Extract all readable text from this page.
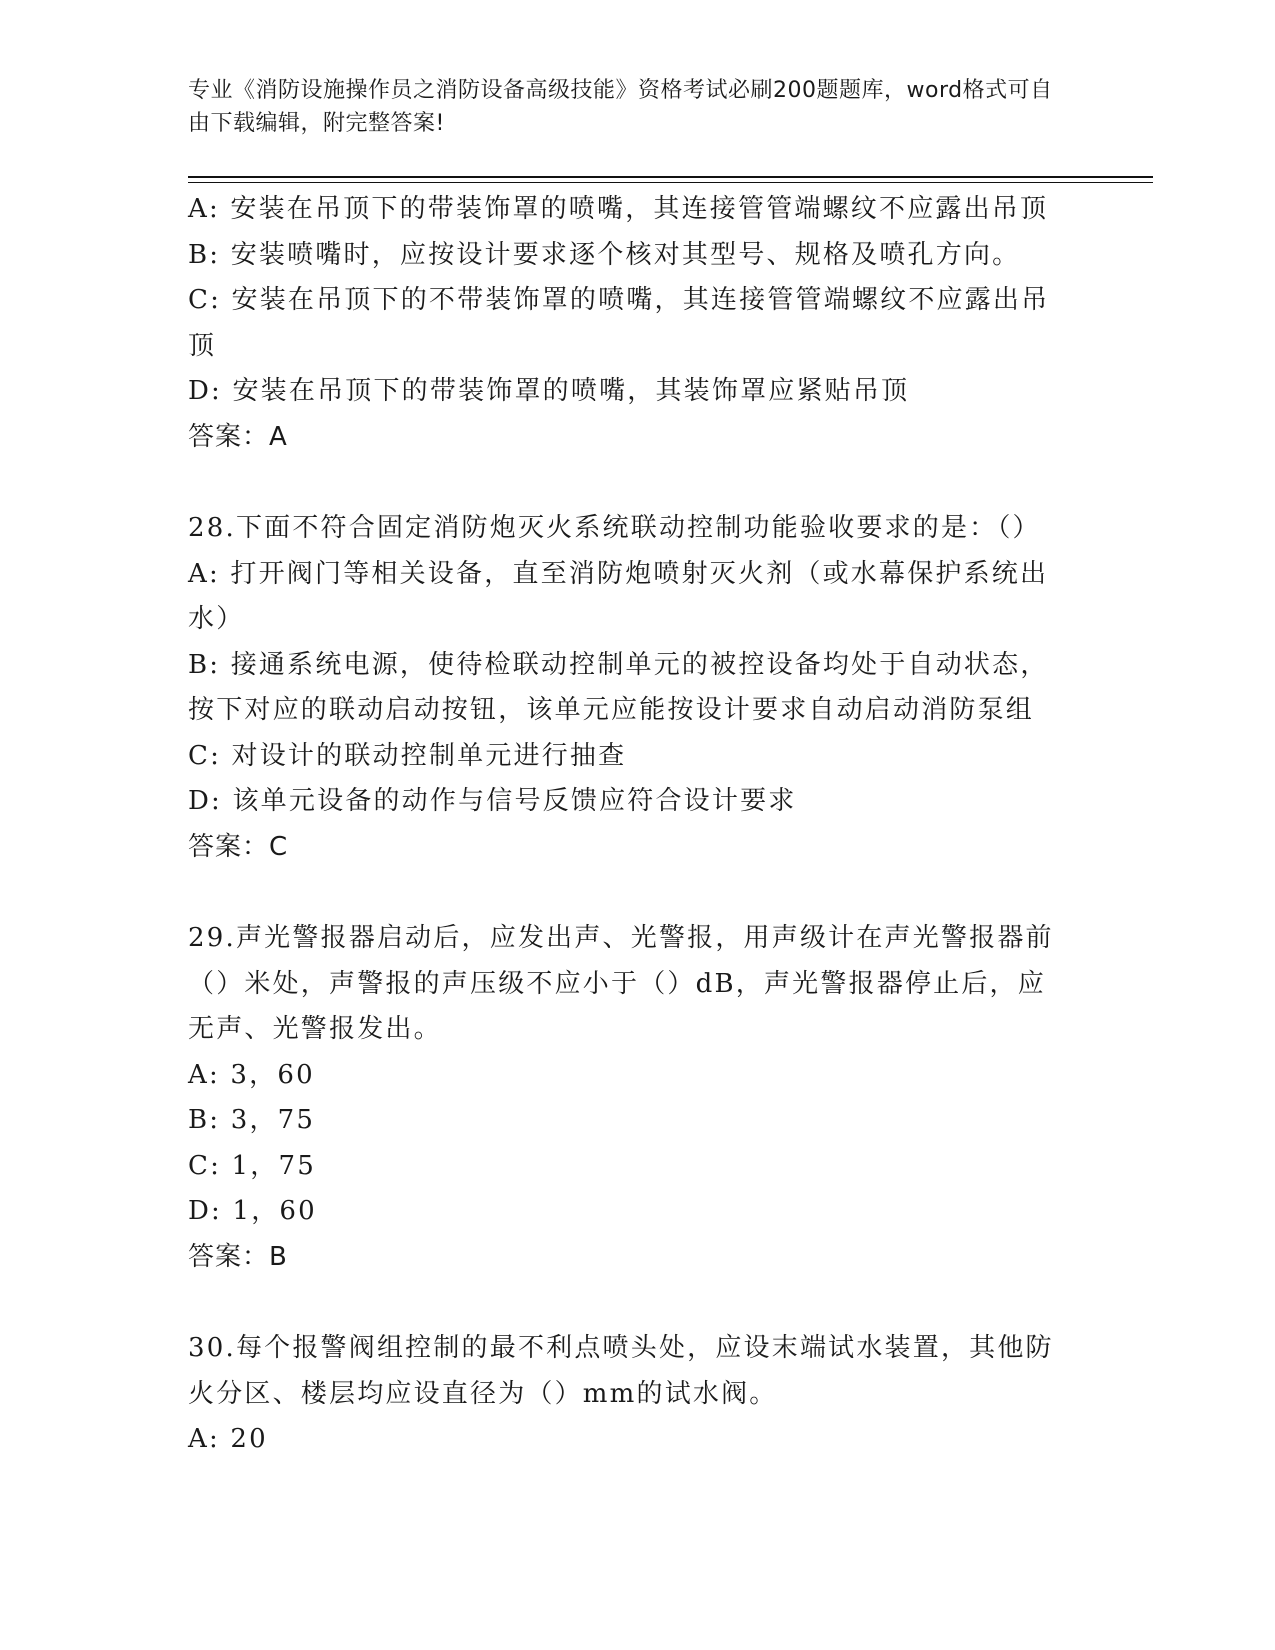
专业《消防设施操作员之消防设备高级技能》资格考试必刷200题题库，word格式可自由下载编辑，附完整答案!
A: 安装在吊顶下的带装饰罩的喷嘴，其连接管管端螺纹不应露出吊顶
B: 安装喷嘴时，应按设计要求逐个核对其型号、规格及喷孔方向。
C: 安装在吊顶下的不带装饰罩的喷嘴，其连接管管端螺纹不应露出吊
顶
D: 安装在吊顶下的带装饰罩的喷嘴，其装饰罩应紧贴吊顶
答案：A
28.下面不符合固定消防炮灭火系统联动控制功能验收要求的是：（）
A: 打开阀门等相关设备，直至消防炮喷射灭火剂（或水幕保护系统出
水）
B: 接通系统电源，使待检联动控制单元的被控设备均处于自动状态，
按下对应的联动启动按钮，该单元应能按设计要求自动启动消防泵组
C: 对设计的联动控制单元进行抽查
D: 该单元设备的动作与信号反馈应符合设计要求
答案：C
29.声光警报器启动后，应发出声、光警报，用声级计在声光警报器前
（）米处，声警报的声压级不应小于（）dB，声光警报器停止后，应
无声、光警报发出。
A: 3，60
B: 3，75
C: 1，75
D: 1，60
答案：B
30.每个报警阀组控制的最不利点喷头处，应设末端试水装置，其他防
火分区、楼层均应设直径为（）mm的试水阀。
A: 20
